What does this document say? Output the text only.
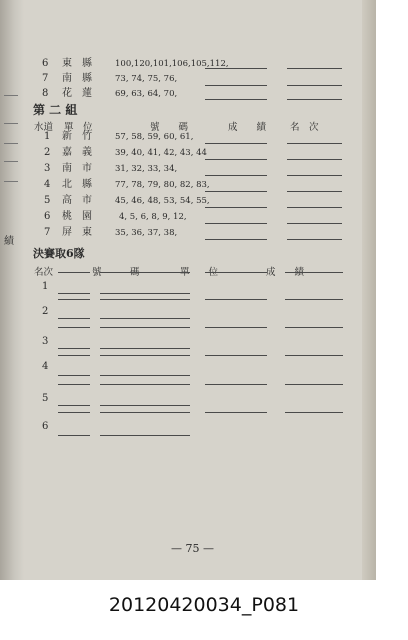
績
6 東　縣	100,120,101,106,105,112,
7 南　縣	73, 74, 75, 76,
8 花　蓮	69, 63, 64, 70,
第 二 組
水道 單　位	號　　碼	成　　績	名　次
1 新　竹	57, 58, 59, 60, 61,
2 嘉　義	39, 40, 41, 42, 43, 44
3 南　市	31, 32, 33, 34,
4 北　縣	77, 78, 79, 80, 82, 83,
5 高　市	45, 46, 48, 53, 54, 55,
6 桃　園	4, 5, 6, 8, 9, 12,
7 屏　東	35, 36, 37, 38,
決賽取6隊
名次	號　　　碼	單　　位	成　　績
1
2
3
4
5
6
— 75 —
20120420034_P081
